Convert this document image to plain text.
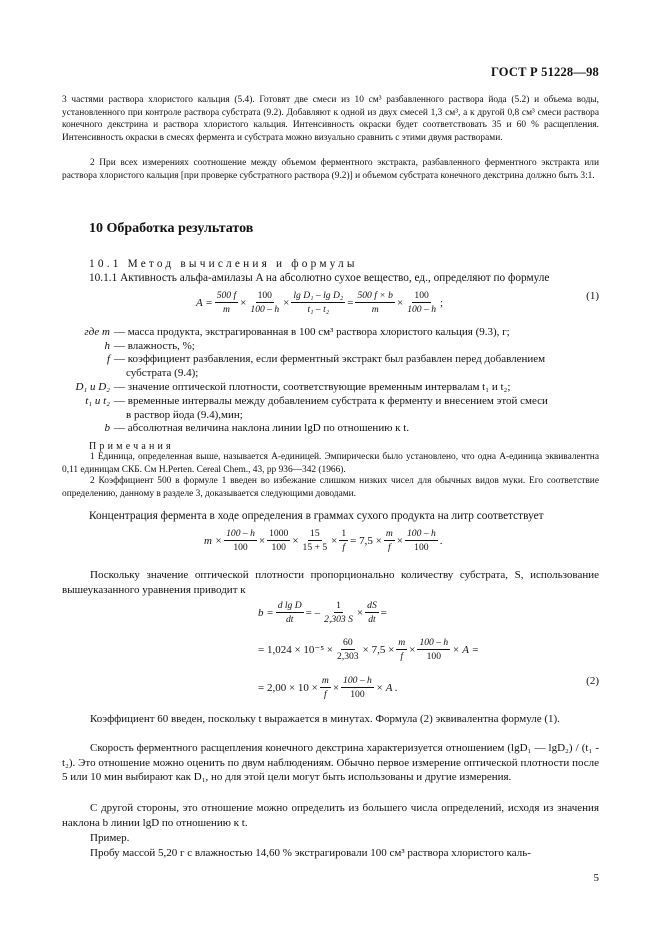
ГОСТ Р 51228—98
3 частями раствора хлористого кальция (5.4). Готовят две смеси из 10 см³ разбавленного раствора йода (5.2) и объема воды, установленного при контроле раствора субстрата (9.2). Добавляют к одной из двух смесей 1,3 см³, а к другой 0,8 см³ смеси раствора конечного декстрина и раствора хлористого кальция. Интенсивность окраски будет соответствовать 35 и 60 % расщепления. Интенсивность окраски в смесях фермента и субстрата можно визуально сравнить с этими двумя растворами.
2 При всех измерениях соотношение между объемом ферментного экстракта, разбавленного ферментного экстракта или раствора хлористого кальция [при проверке субстратного раствора (9.2)] и объемом субстрата конечного декстрина должно быть 3:1.
10 Обработка результатов
10.1 Метод вычисления и формулы
10.1.1 Активность альфа-амилазы A на абсолютно сухое вещество, ед., определяют по формуле
$A = \frac{500 f}{m} \times \frac{100}{100 - h} \times \frac{\text{lg D₁ – lg D₂}}{\text{t₁ – t₂}} = \frac{500 f \times b}{m} \times \frac{100}{100 - h}$ ;
(1)
где m — масса продукта, экстрагированная в 100 см³ раствора хлористого кальция (9.3), г;
h — влажность, %;
f — коэффициент разбавления, если ферментный экстракт был разбавлен перед добавлением
субстрата (9.4);
D₁ и D₂ — значение оптической плотности, соответствующие временным интервалам t₁ и t₂;
t₁ и t₂ — временные интервалы между добавлением субстрата к ферменту и внесением этой смеси
в раствор йода (9.4),мин;
b — абсолютная величина наклона линии lgD по отношению к t.
Примечания
1 Единица, определенная выше, называется A-единицей. Эмпирически было установлено, что одна A-единица эквивалентна 0,11 единицам СКБ. См H.Perten. Cereal Chem., 43, pp 936—342 (1966).
2 Коэффициент 500 в формуле 1 введен во избежание слишком низких чисел для обычных видов муки. Его соответствие определению, данному в разделе 3, доказывается следующими доводами.
Концентрация фермента в ходе определения в граммах сухого продукта на литр соответствует
$m \times \frac{100 - h}{100} \times \frac{1000}{100} \times \frac{15}{15 + 5} \times \frac{1}{f} = 7,5 \times \frac{m}{f} \times \frac{100 - h}{100}$ .
Поскольку значение оптической плотности пропорционально количеству субстрата, S, использование вышеуказанного уравнения приводит к
$b = \frac{\text{d lg D}}{dt}$ = – $\frac{1}{2,303 S} \times \frac{dS}{dt}$ =
= $1,024 \times 10^{-5} \times \frac{60}{2,303} \times 7,5 \times \frac{m}{f} \times \frac{100 - h}{100} \times A$ =
= $2,00 \times 10 \times \frac{m}{f} \times \frac{100 - h}{100} \times A$ .
(2)
Коэффициент 60 введен, поскольку t выражается в минутах. Формула (2) эквивалентна формуле (1).
Скорость ферментного расщепления конечного декстрина характеризуется отношением (lgD₁ — lgD₂) / (t₁ - t₂). Это отношение можно оценить по двум наблюдениям. Обычно первое измерение оптической плотности после 5 или 10 мин выбирают как D₁, но для этой цели могут быть использованы и другие измерения.
С другой стороны, это отношение можно определить из большего числа определений, исходя из значения наклона b линии lgD по отношению к t.
Пример.
Пробу массой 5,20 г с влажностью 14,60 % экстрагировали 100 см³ раствора хлористого каль-
5
